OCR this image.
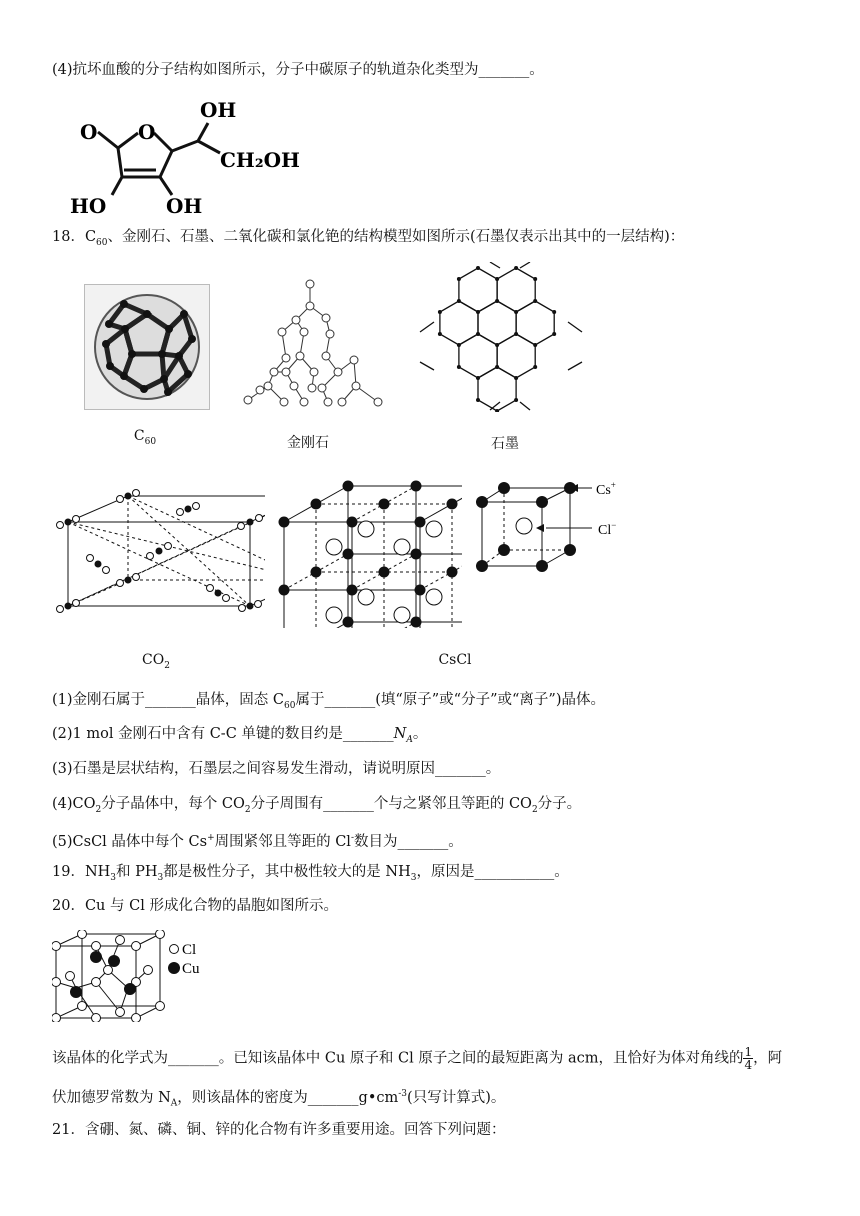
(4)抗坏血酸的分子结构如图所示，分子中碳原子的轨道杂化类型为_______。
O O
OH
CH₂OH
HO	OH
18．$C_{60}$、金刚石、石墨、二氧化碳和氯化铯的结构模型如图所示(石墨仅表示出其中的一层结构)：
$C_{60}$	金刚石	石墨
$CO_2$	CsCl
Cs+
Cl−
(1)金刚石属于_______晶体，固态 $C_{60}$属于_______(填“原子”或“分子”或“离子”)晶体。
(2)1 mol 金刚石中含有 C-C 单键的数目约是$\_\_\_\_\_\_\_N_A$。
(3)石墨是层状结构，石墨层之间容易发生滑动，请说明原因_______。
$(4)CO_2$分子晶体中，每个 $CO_2$分子周围有_______个与之紧邻且等距的 $CO_2$分子。
(5)CsCl 晶体中每个 Cs+周围紧邻且等距的 Cl-数目为_______。
19．$NH_3$和 $PH_3$都是极性分子，其中极性较大的是 $NH_3$，原因是___________。
20．Cu 与 Cl 形成化合物的晶胞如图所示。
Cl
Cu
该晶体的化学式为_______。已知该晶体中 Cu 原子和 Cl 原子之间的最短距离为 acm，且恰好为体对角线的 $\frac{1}{4}$ ，阿
伏加德罗常数为 $N_A$，则该晶体的密度为$\_\_\_\_\_\_\_g•cm^{-3}$(只写计算式)。
21．含硼、氮、磷、铜、锌的化合物有许多重要用途。回答下列问题：
